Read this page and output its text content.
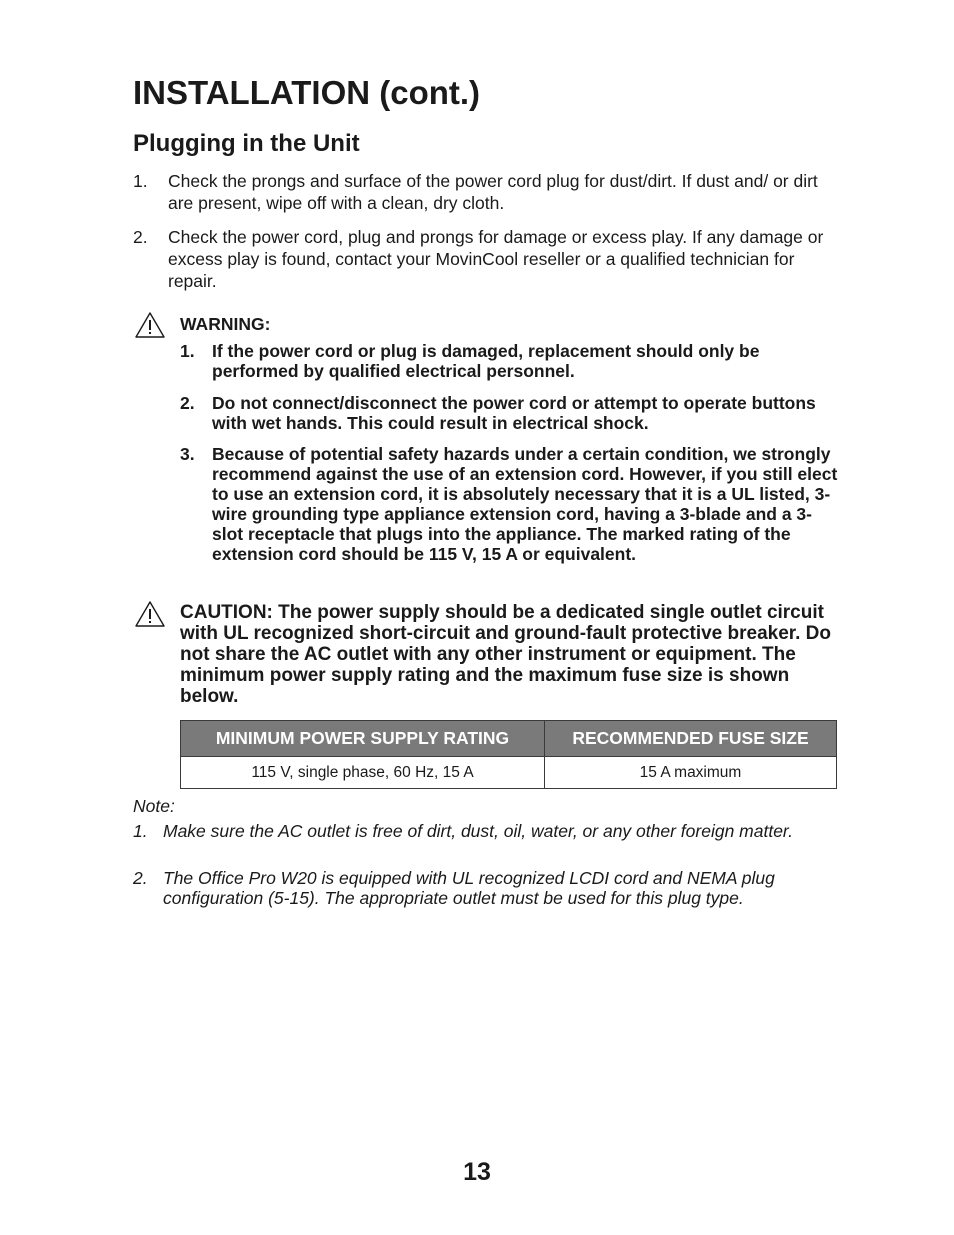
INSTALLATION (cont.)
Plugging in the Unit
1. Check the prongs and surface of the power cord plug for dust/dirt. If dust and/ or dirt are present, wipe off with a clean, dry cloth.
2. Check the power cord, plug and prongs for damage or excess play. If any damage or excess play is found, contact your MovinCool reseller or a qualified technician for repair.
WARNING:
1. If the power cord or plug is damaged, replacement should only be performed by qualified electrical personnel.
2. Do not connect/disconnect the power cord or attempt to operate buttons with wet hands. This could result in electrical shock.
3. Because of potential safety hazards under a certain condition, we strongly recommend against the use of an extension cord. However, if you still elect to use an extension cord, it is absolutely necessary that it is a UL listed, 3-wire grounding type appliance extension cord, having a 3-blade and a 3-slot receptacle that plugs into the appliance. The marked rating of the extension cord should be 115 V, 15 A or equivalent.
CAUTION: The power supply should be a dedicated single outlet circuit with UL recognized short-circuit and ground-fault protective breaker. Do not share the AC outlet with any other instrument or equipment. The minimum power supply rating and the maximum fuse size is shown below.
MINIMUM POWER SUPPLY RATING	RECOMMENDED FUSE SIZE
115 V, single phase, 60 Hz, 15 A	15 A maximum
Note:
1. Make sure the AC outlet is free of dirt, dust, oil, water, or any other foreign matter.
2. The Office Pro W20 is equipped with UL recognized LCDI cord and NEMA plug configuration (5-15). The appropriate outlet must be used for this plug type.
13
